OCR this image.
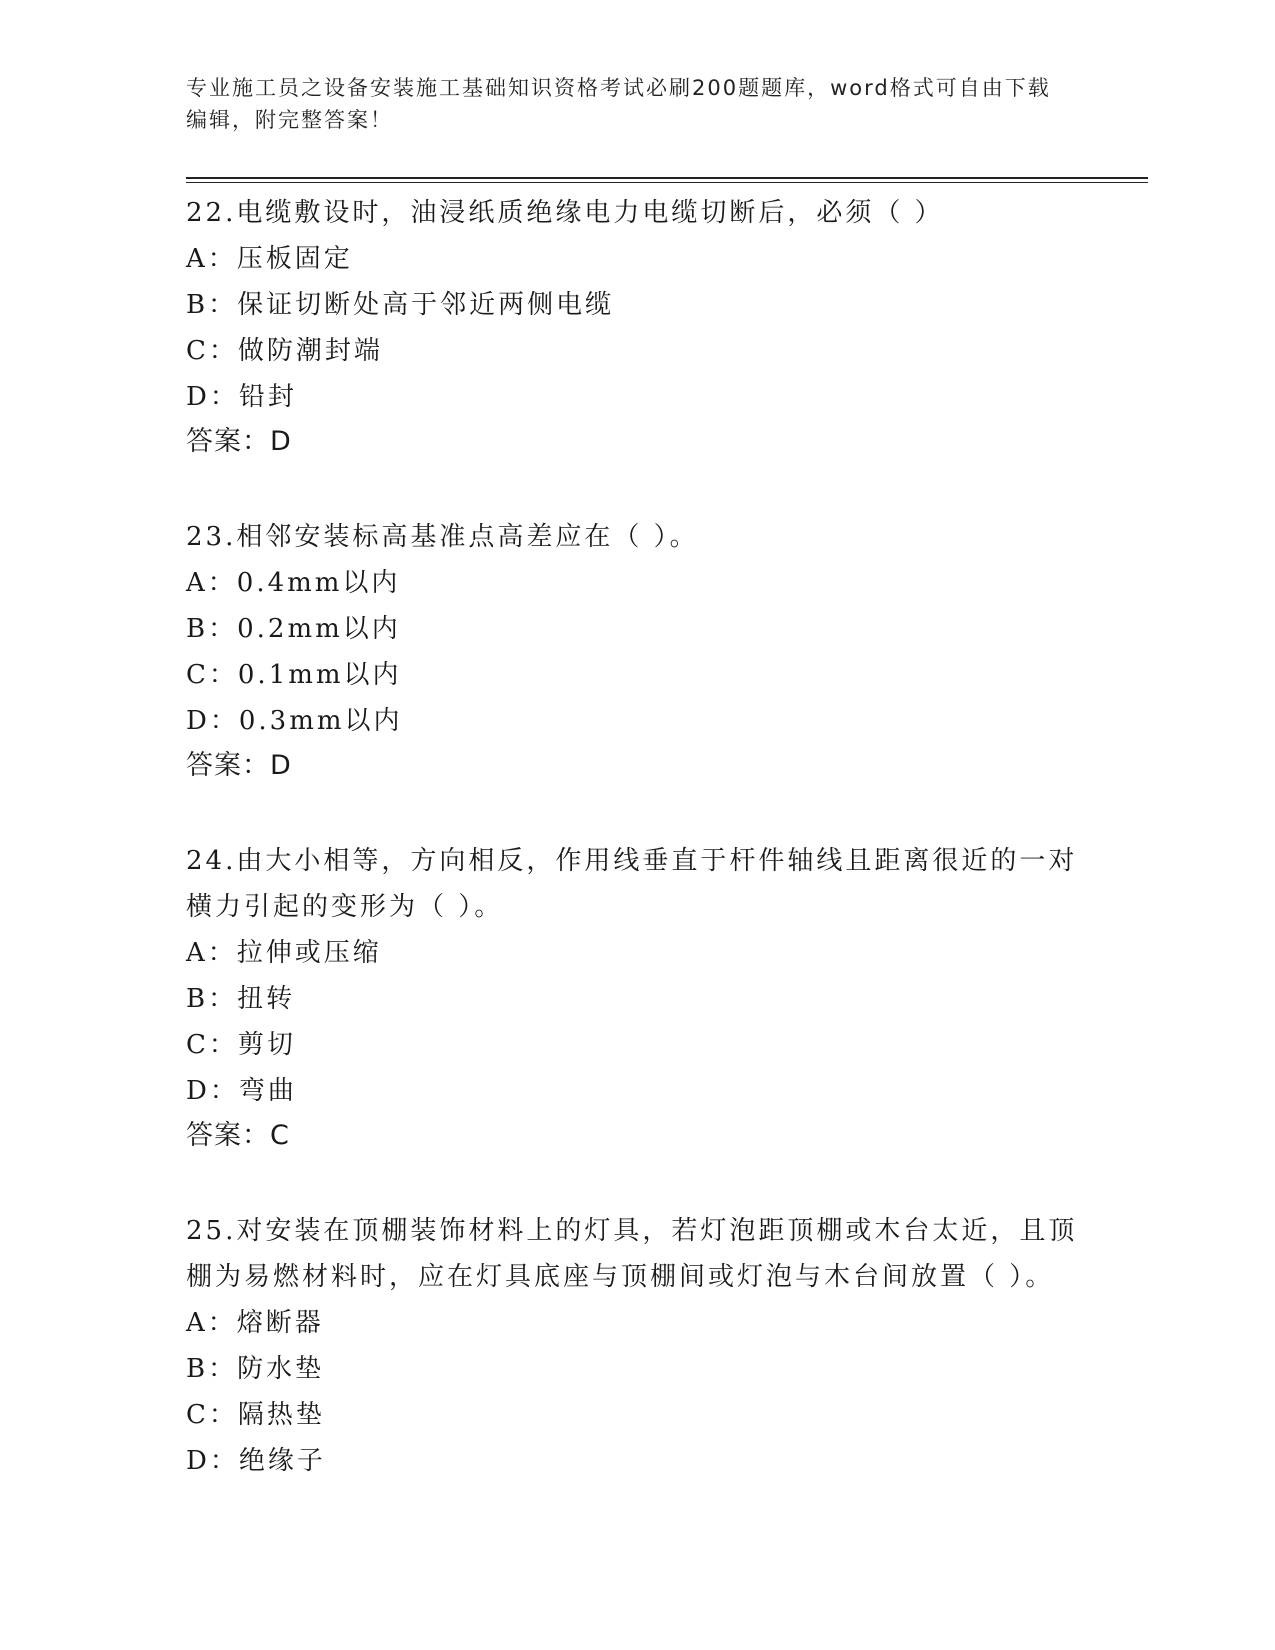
专业施工员之设备安装施工基础知识资格考试必刷200题题库，word格式可自由下载编辑，附完整答案！
22.电缆敷设时，油浸纸质绝缘电力电缆切断后，必须（ ）
A：压板固定
B：保证切断处高于邻近两侧电缆
C：做防潮封端
D：铅封
答案：D
23.相邻安装标高基准点高差应在（ ）。
A：0.4mm以内
B：0.2mm以内
C：0.1mm以内
D：0.3mm以内
答案：D
24.由大小相等，方向相反，作用线垂直于杆件轴线且距离很近的一对横力引起的变形为（ ）。
A：拉伸或压缩
B：扭转
C：剪切
D：弯曲
答案：C
25.对安装在顶棚装饰材料上的灯具，若灯泡距顶棚或木台太近，且顶棚为易燃材料时，应在灯具底座与顶棚间或灯泡与木台间放置（ ）。
A：熔断器
B：防水垫
C：隔热垫
D：绝缘子
